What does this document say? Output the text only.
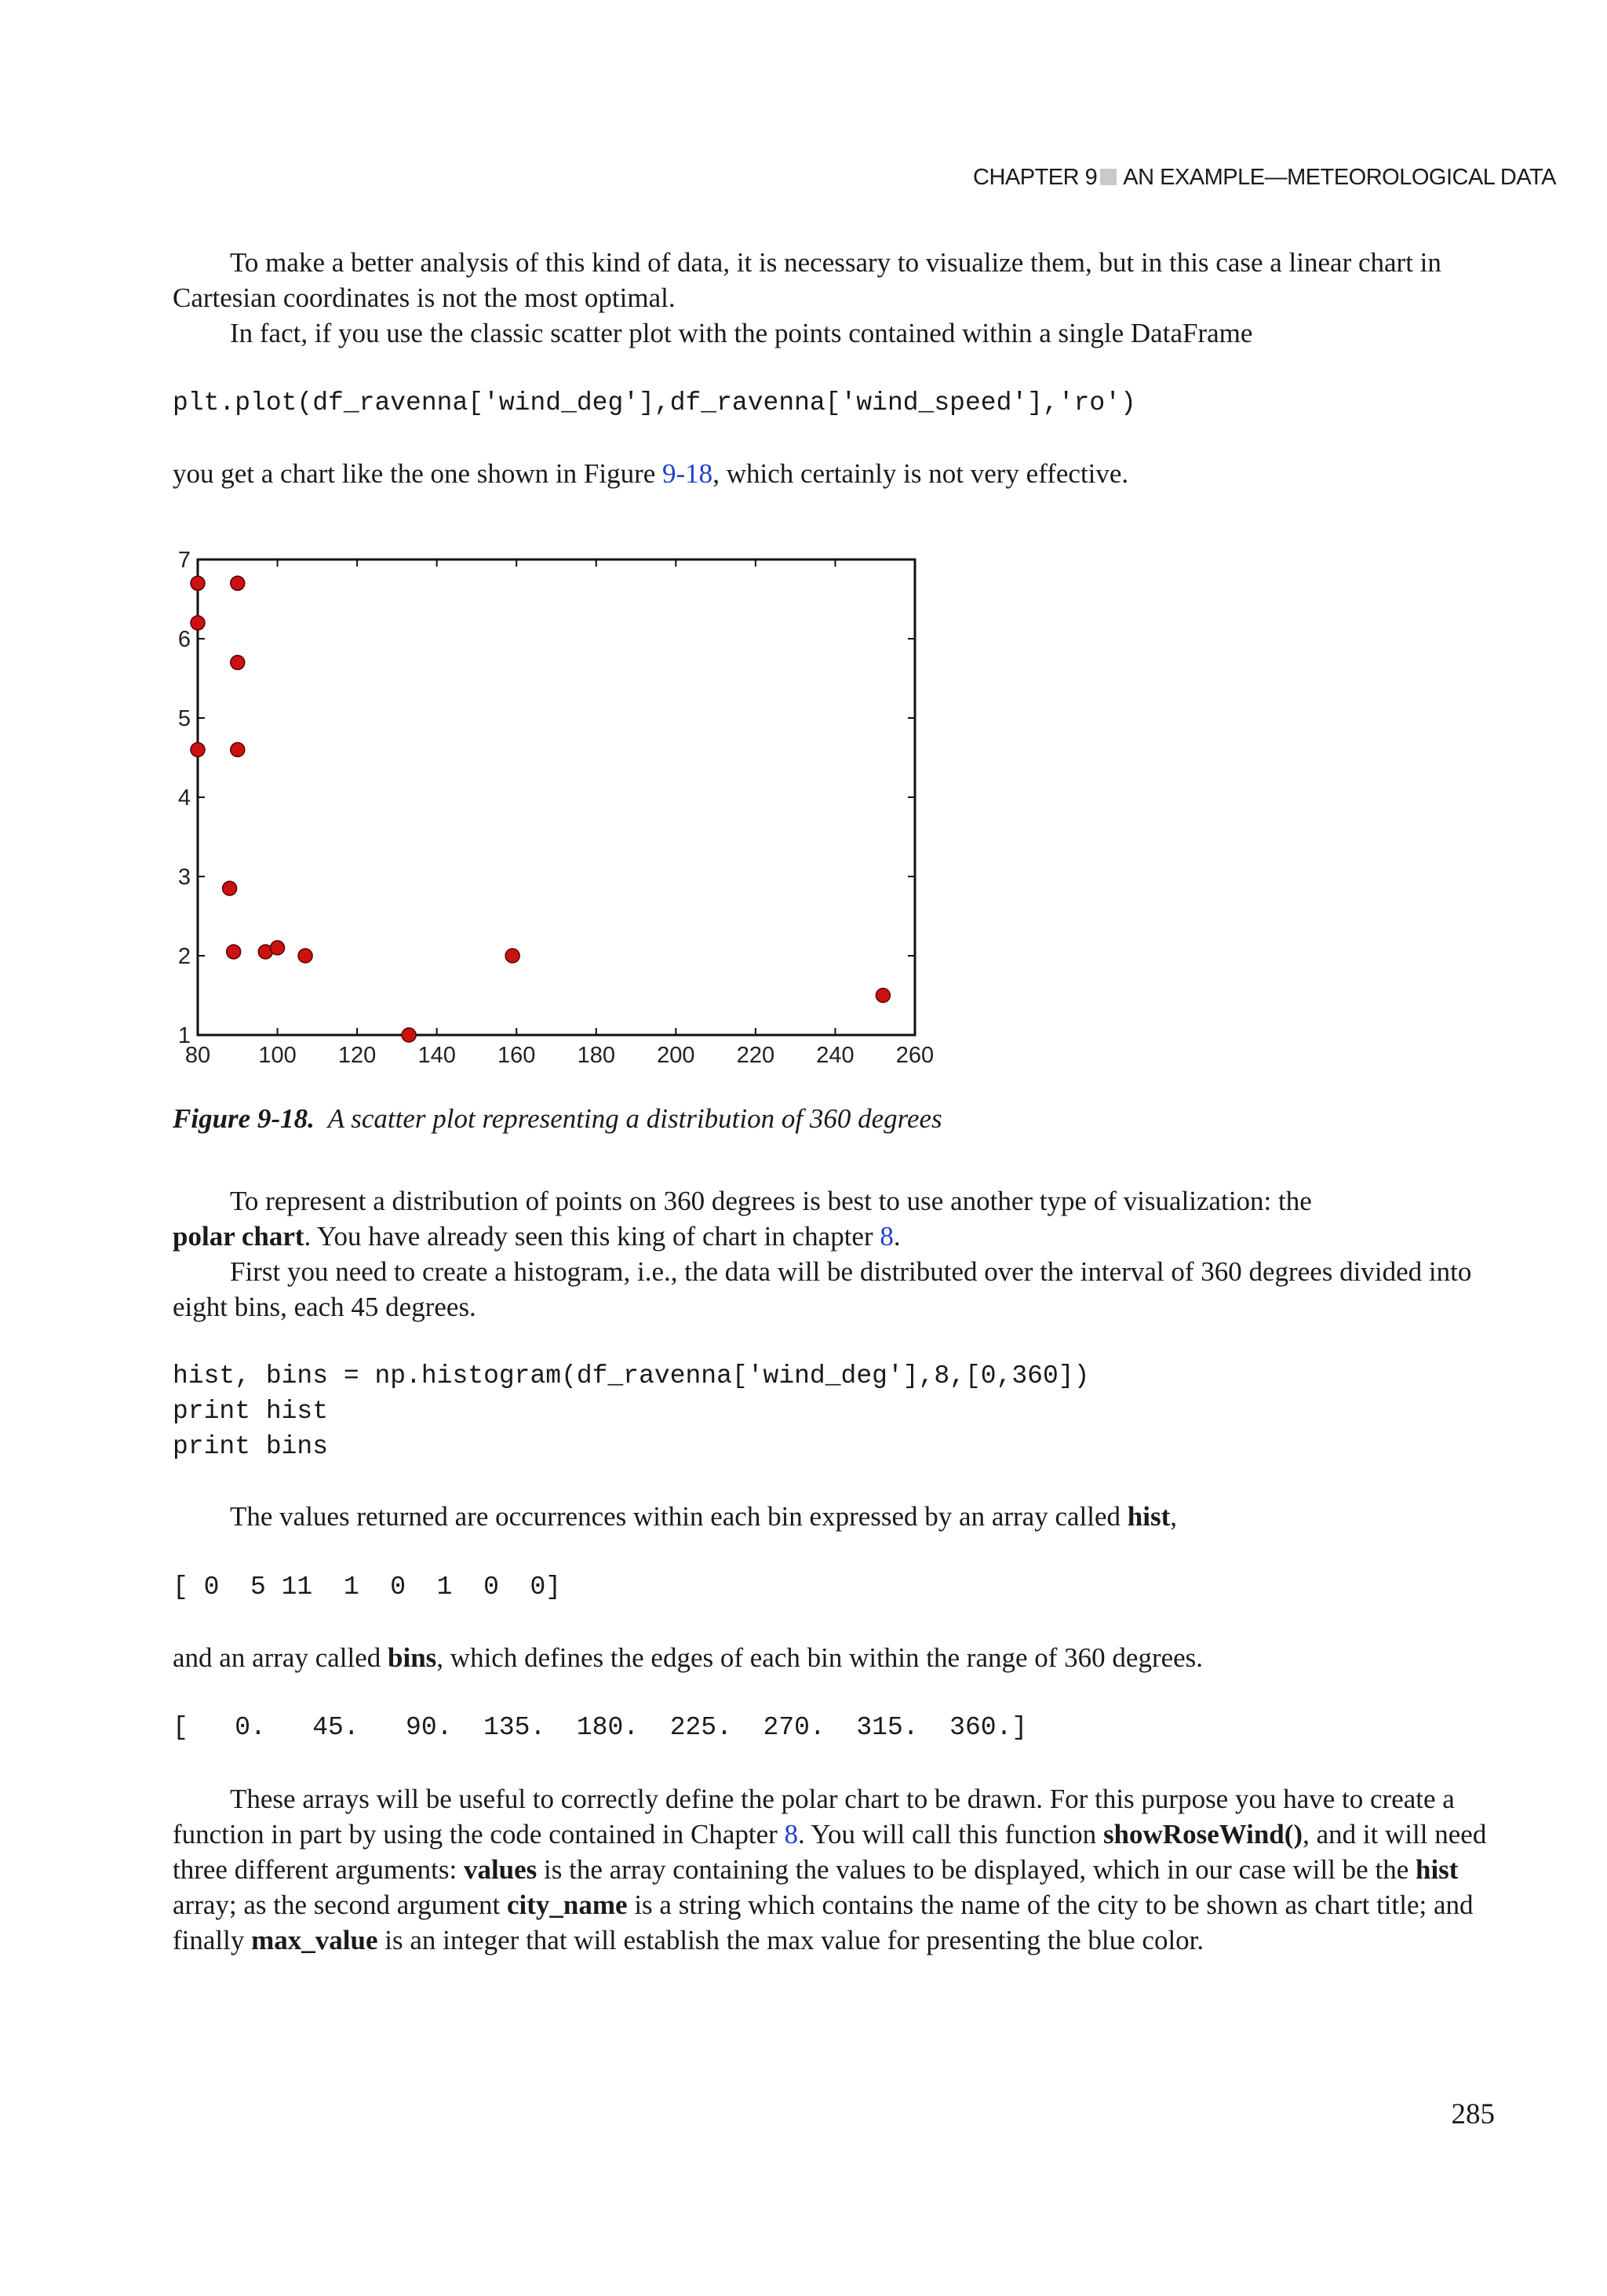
CHAPTER 9 AN EXAMPLE—METEOROLOGICAL DATA

To make a better analysis of this kind of data, it is necessary to visualize them, but in this case a linear chart in Cartesian coordinates is not the most optimal.

In fact, if you use the classic scatter plot with the points contained within a single DataFrame

plt.plot(df_ravenna['wind_deg'],df_ravenna['wind_speed'],'ro')

you get a chart like the one shown in Figure 9-18, which certainly is not very effective.

80 100 120 140 160 180 200 220 240 260
1
2
3
4
5
6
7
Figure 9-18. A scatter plot representing a distribution of 360 degrees

To represent a distribution of points on 360 degrees is best to use another type of visualization: the

polar chart. You have already seen this king of chart in chapter 8.

First you need to create a histogram, i.e., the data will be distributed over the interval of 360 degrees divided into eight bins, each 45 degrees.

hist, bins = np.histogram(df_ravenna['wind_deg'],8,[0,360])
print hist
print bins

The values returned are occurrences within each bin expressed by an array called hist,

[ 0  5 11  1  0  1  0  0]

and an array called bins, which defines the edges of each bin within the range of 360 degrees.

[   0.   45.   90.  135.  180.  225.  270.  315.  360.]

These arrays will be useful to correctly define the polar chart to be drawn. For this purpose you have to create a function in part by using the code contained in Chapter 8. You will call this function showRoseWind(), and it will need three different arguments: values is the array containing the values to be displayed, which in our case will be the hist array; as the second argument city_name is a string which contains the name of the city to be shown as chart title; and finally max_value is an integer that will establish the max value for presenting the blue color.

285
